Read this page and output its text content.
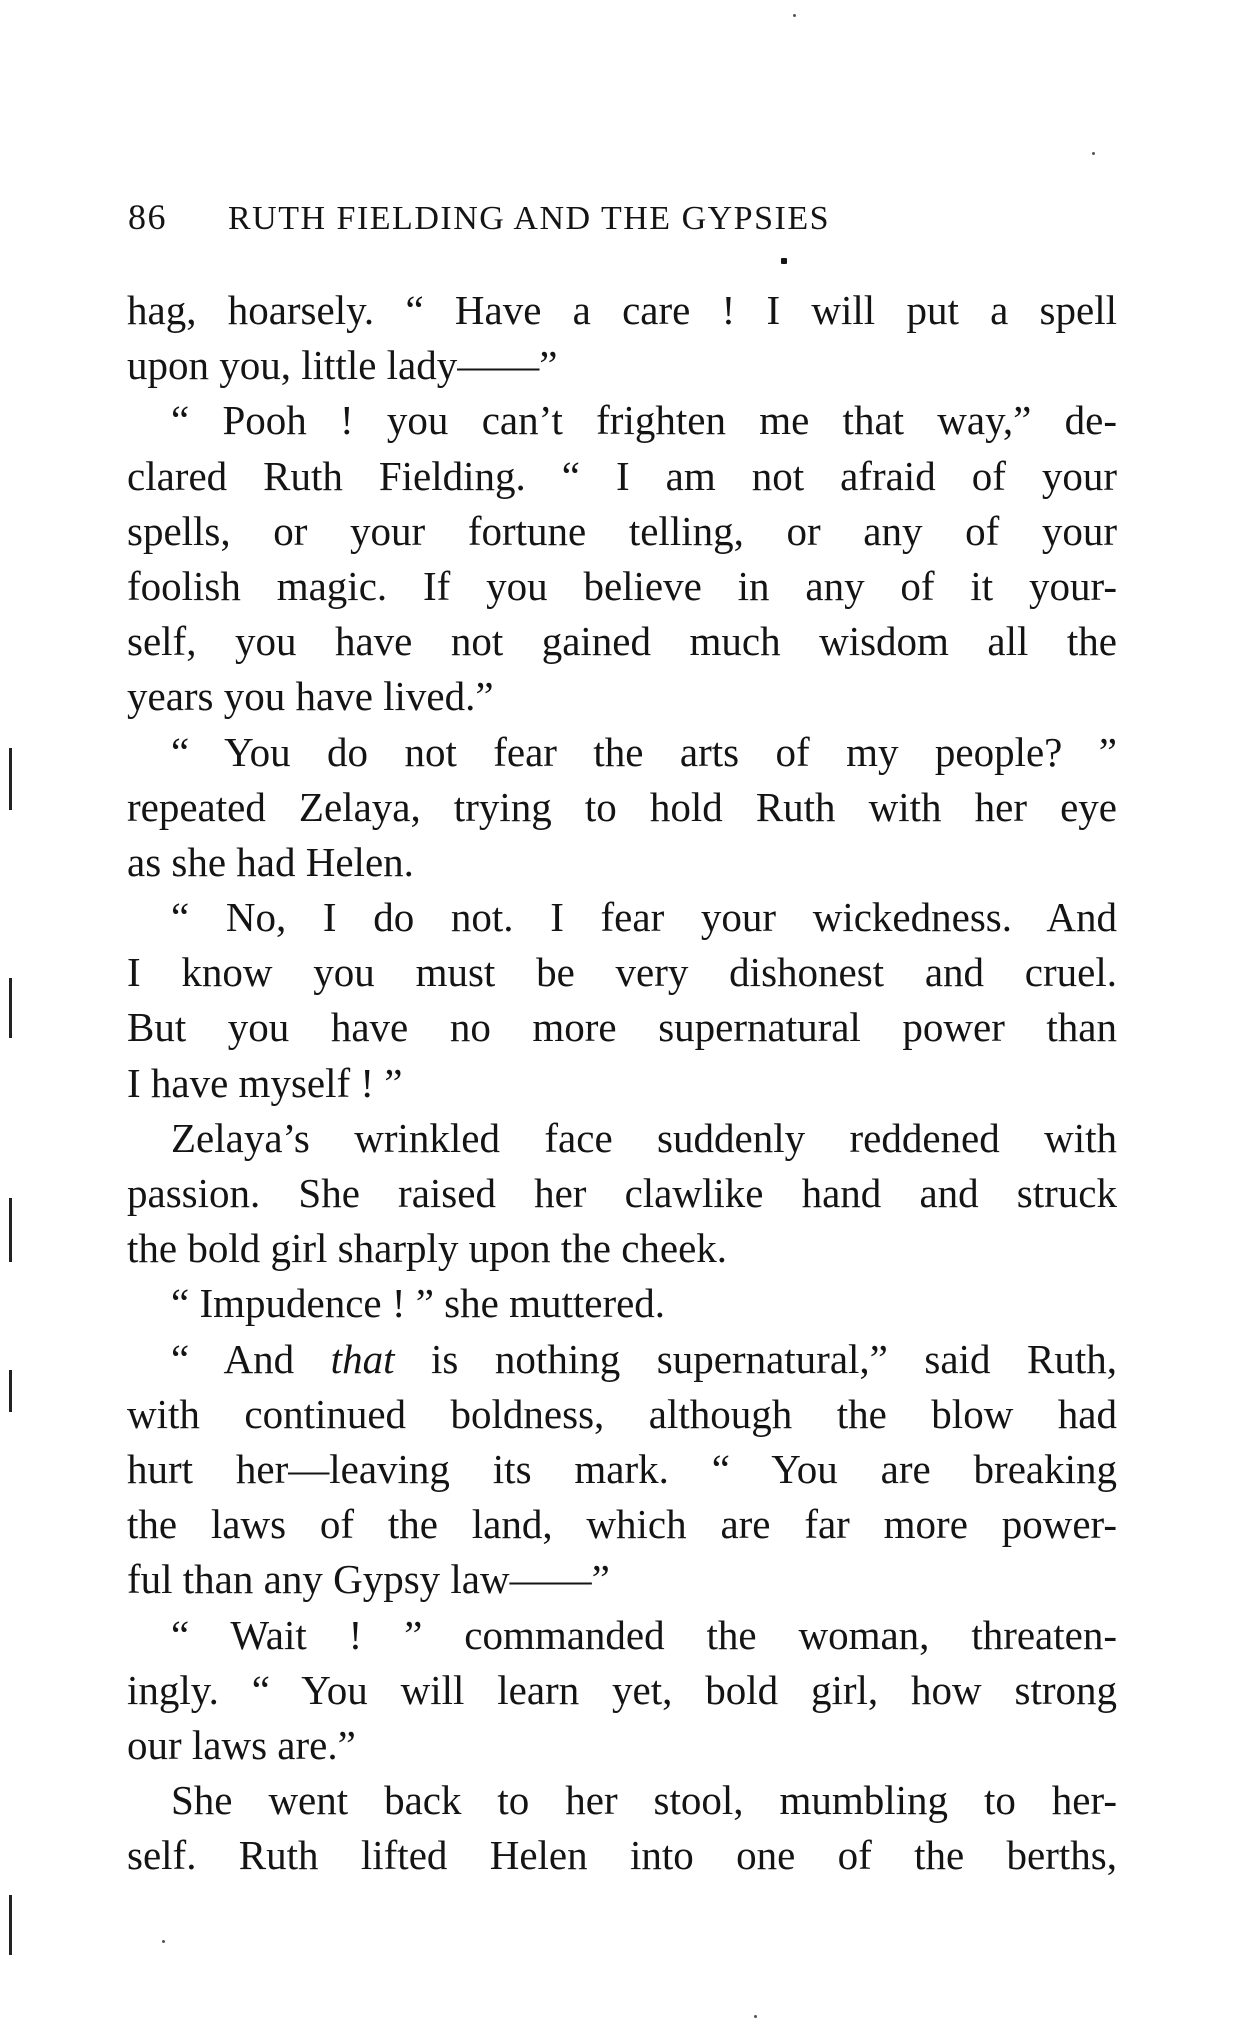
86 RUTH FIELDING AND THE GYPSIES
hag, hoarsely. “ Have a care ! I will put a spell
upon you, little lady——”
“ Pooh ! you can’t frighten me that way,” de-
clared Ruth Fielding. “ I am not afraid of your
spells, or your fortune telling, or any of your
foolish magic. If you believe in any of it your-
self, you have not gained much wisdom all the
years you have lived.”
“ You do not fear the arts of my people? ”
repeated Zelaya, trying to hold Ruth with her eye
as she had Helen.
“ No, I do not. I fear your wickedness. And
I know you must be very dishonest and cruel.
But you have no more supernatural power than
I have myself ! ”
Zelaya’s wrinkled face suddenly reddened with
passion. She raised her clawlike hand and struck
the bold girl sharply upon the cheek.
“ Impudence ! ” she muttered.
“ And that is nothing supernatural,” said Ruth,
with continued boldness, although the blow had
hurt her—leaving its mark. “ You are breaking
the laws of the land, which are far more power-
ful than any Gypsy law——”
“ Wait ! ” commanded the woman, threaten-
ingly. “ You will learn yet, bold girl, how strong
our laws are.”
She went back to her stool, mumbling to her-
self. Ruth lifted Helen into one of the berths,
